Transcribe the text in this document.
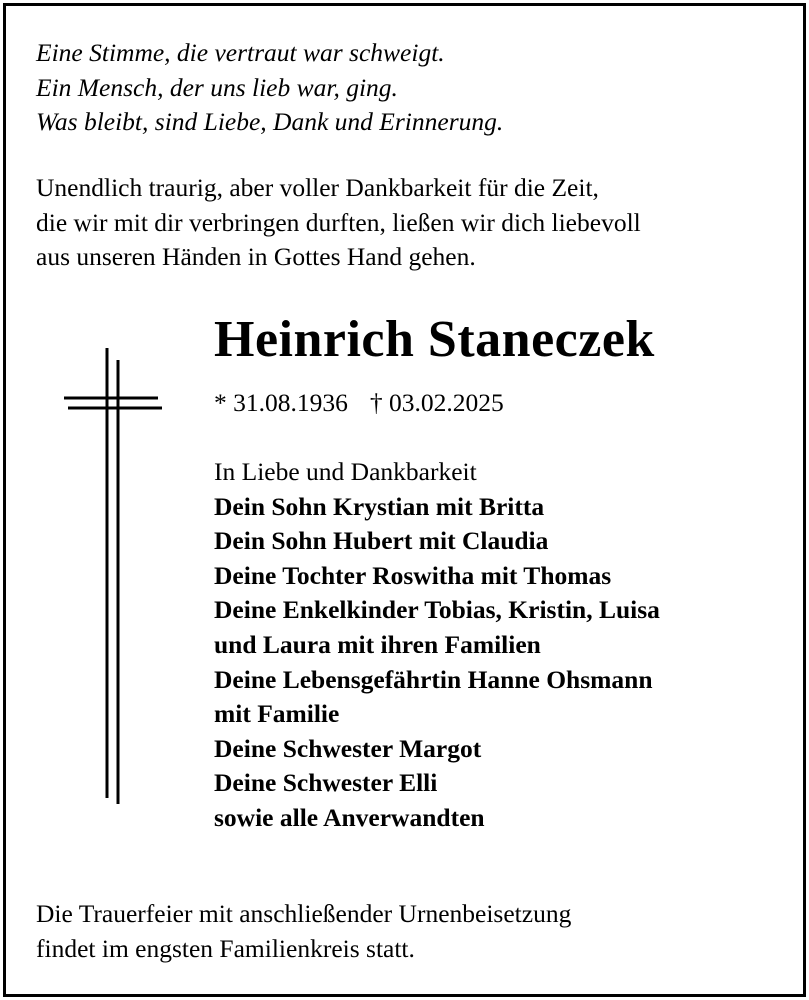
Eine Stimme, die vertraut war schweigt.
Ein Mensch, der uns lieb war, ging.
Was bleibt, sind Liebe, Dank und Erinnerung.
Unendlich traurig, aber voller Dankbarkeit für die Zeit,
die wir mit dir verbringen durften, ließen wir dich liebevoll
aus unseren Händen in Gottes Hand gehen.
Heinrich Staneczek
* 31.08.1936 † 03.02.2025
In Liebe und Dankbarkeit
Dein Sohn Krystian mit Britta
Dein Sohn Hubert mit Claudia
Deine Tochter Roswitha mit Thomas
Deine Enkelkinder Tobias, Kristin, Luisa
und Laura mit ihren Familien
Deine Lebensgefährtin Hanne Ohsmann
mit Familie
Deine Schwester Margot
Deine Schwester Elli
sowie alle Anverwandten
Die Trauerfeier mit anschließender Urnenbeisetzung
findet im engsten Familienkreis statt.
